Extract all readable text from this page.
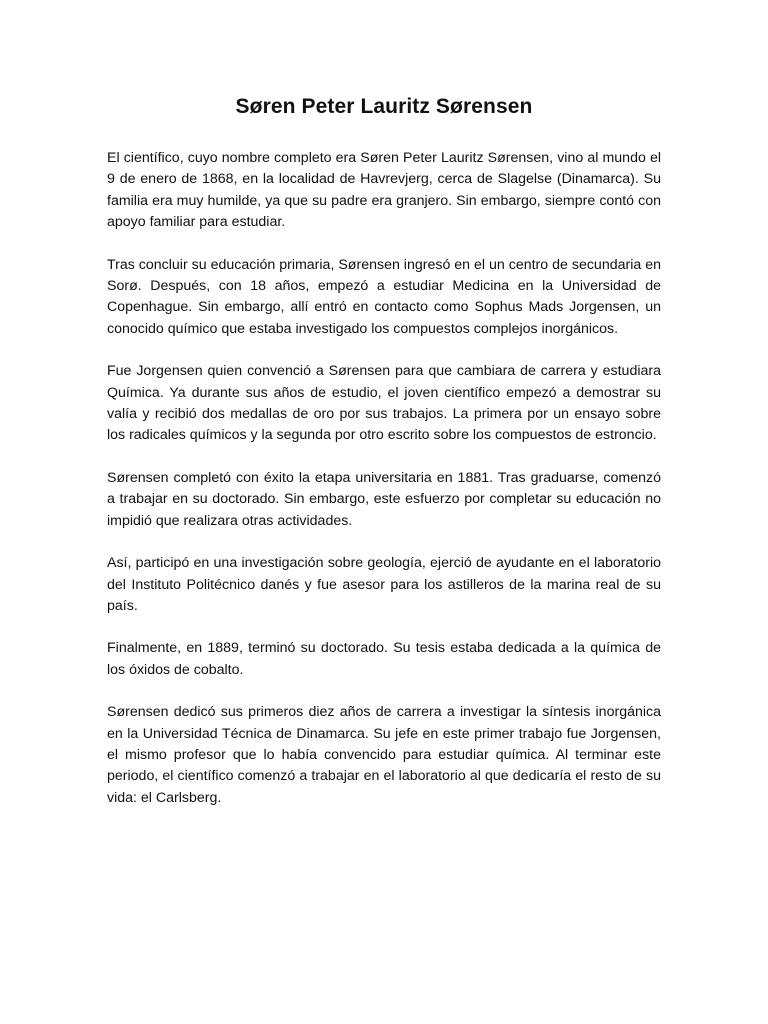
Søren Peter Lauritz Sørensen

El científico, cuyo nombre completo era Søren Peter Lauritz Sørensen, vino al mundo el 9 de enero de 1868, en la localidad de Havrevjerg, cerca de Slagelse (Dinamarca). Su familia era muy humilde, ya que su padre era granjero. Sin embargo, siempre contó con apoyo familiar para estudiar.

Tras concluir su educación primaria, Sørensen ingresó en el un centro de secundaria en Sorø. Después, con 18 años, empezó a estudiar Medicina en la Universidad de Copenhague. Sin embargo, allí entró en contacto como Sophus Mads Jorgensen, un conocido químico que estaba investigado los compuestos complejos inorgánicos.

Fue Jorgensen quien convenció a Sørensen para que cambiara de carrera y estudiara Química. Ya durante sus años de estudio, el joven científico empezó a demostrar su valía y recibió dos medallas de oro por sus trabajos. La primera por un ensayo sobre los radicales químicos y la segunda por otro escrito sobre los compuestos de estroncio.

Sørensen completó con éxito la etapa universitaria en 1881. Tras graduarse, comenzó a trabajar en su doctorado. Sin embargo, este esfuerzo por completar su educación no impidió que realizara otras actividades.

Así, participó en una investigación sobre geología, ejerció de ayudante en el laboratorio del Instituto Politécnico danés y fue asesor para los astilleros de la marina real de su país.

Finalmente, en 1889, terminó su doctorado. Su tesis estaba dedicada a la química de los óxidos de cobalto.

Sørensen dedicó sus primeros diez años de carrera a investigar la síntesis inorgánica en la Universidad Técnica de Dinamarca. Su jefe en este primer trabajo fue Jorgensen, el mismo profesor que lo había convencido para estudiar química. Al terminar este periodo, el científico comenzó a trabajar en el laboratorio al que dedicaría el resto de su vida: el Carlsberg.
